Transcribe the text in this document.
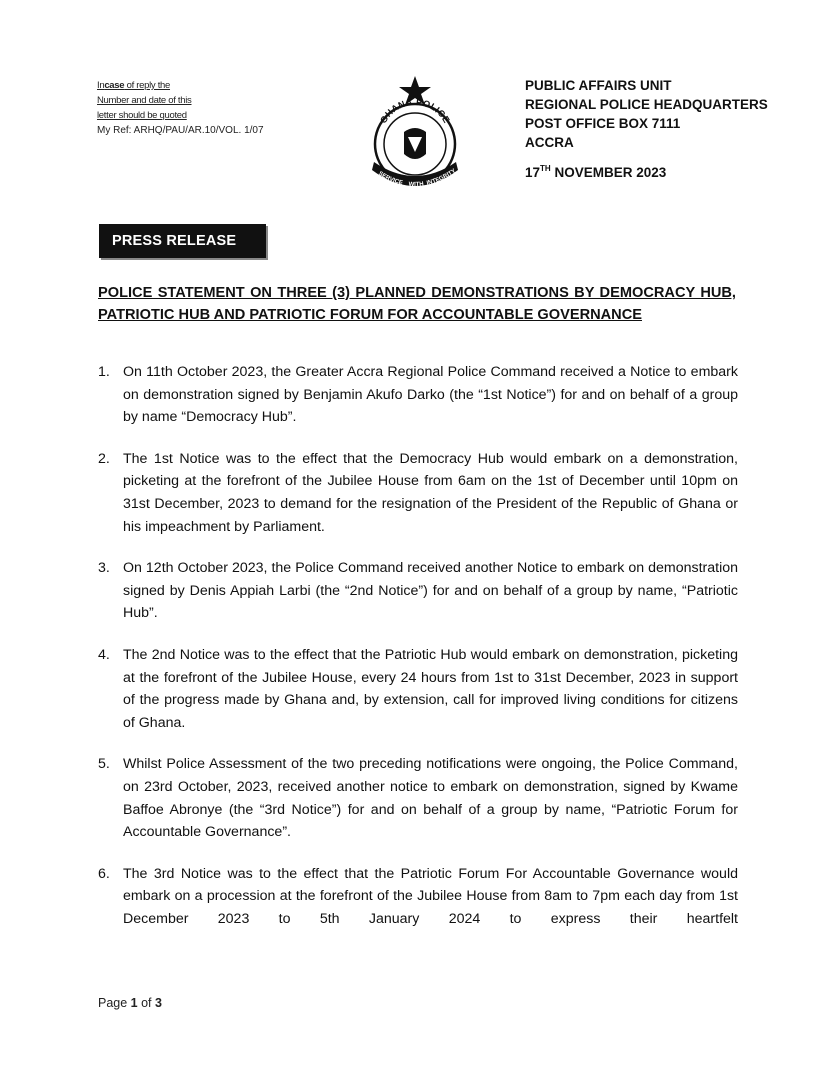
Incase of reply the
Number and date of this
letter should be quoted
My Ref: ARHQ/PAU/AR.10/VOL. 1/07
GHANA POLICE
SERVICE WITH INTEGRITY
PUBLIC AFFAIRS UNIT
REGIONAL POLICE HEADQUARTERS
POST OFFICE BOX 7111
ACCRA
17TH NOVEMBER 2023
PRESS RELEASE
POLICE STATEMENT ON THREE (3) PLANNED DEMONSTRATIONS BY DEMOCRACY HUB, PATRIOTIC HUB AND PATRIOTIC FORUM FOR ACCOUNTABLE GOVERNANCE
1. On 11th October 2023, the Greater Accra Regional Police Command received a Notice to embark on demonstration signed by Benjamin Akufo Darko (the “1st Notice”) for and on behalf of a group by name “Democracy Hub”.
2. The 1st Notice was to the effect that the Democracy Hub would embark on a demonstration, picketing at the forefront of the Jubilee House from 6am on the 1st of December until 10pm on 31st December, 2023 to demand for the resignation of the President of the Republic of Ghana or his impeachment by Parliament.
3. On 12th October 2023, the Police Command received another Notice to embark on demonstration signed by Denis Appiah Larbi (the “2nd Notice”) for and on behalf of a group by name, “Patriotic Hub”.
4. The 2nd Notice was to the effect that the Patriotic Hub would embark on demonstration, picketing at the forefront of the Jubilee House, every 24 hours from 1st to 31st December, 2023 in support of the progress made by Ghana and, by extension, call for improved living conditions for citizens of Ghana.
5. Whilst Police Assessment of the two preceding notifications were ongoing, the Police Command, on 23rd October, 2023, received another notice to embark on demonstration, signed by Kwame Baffoe Abronye (the “3rd Notice”) for and on behalf of a group by name, “Patriotic Forum for Accountable Governance”.
6. The 3rd Notice was to the effect that the Patriotic Forum For Accountable Governance would embark on a procession at the forefront of the Jubilee House from 8am to 7pm each day from 1st December 2023 to 5th January 2024 to express their heartfelt
Page 1 of 3
